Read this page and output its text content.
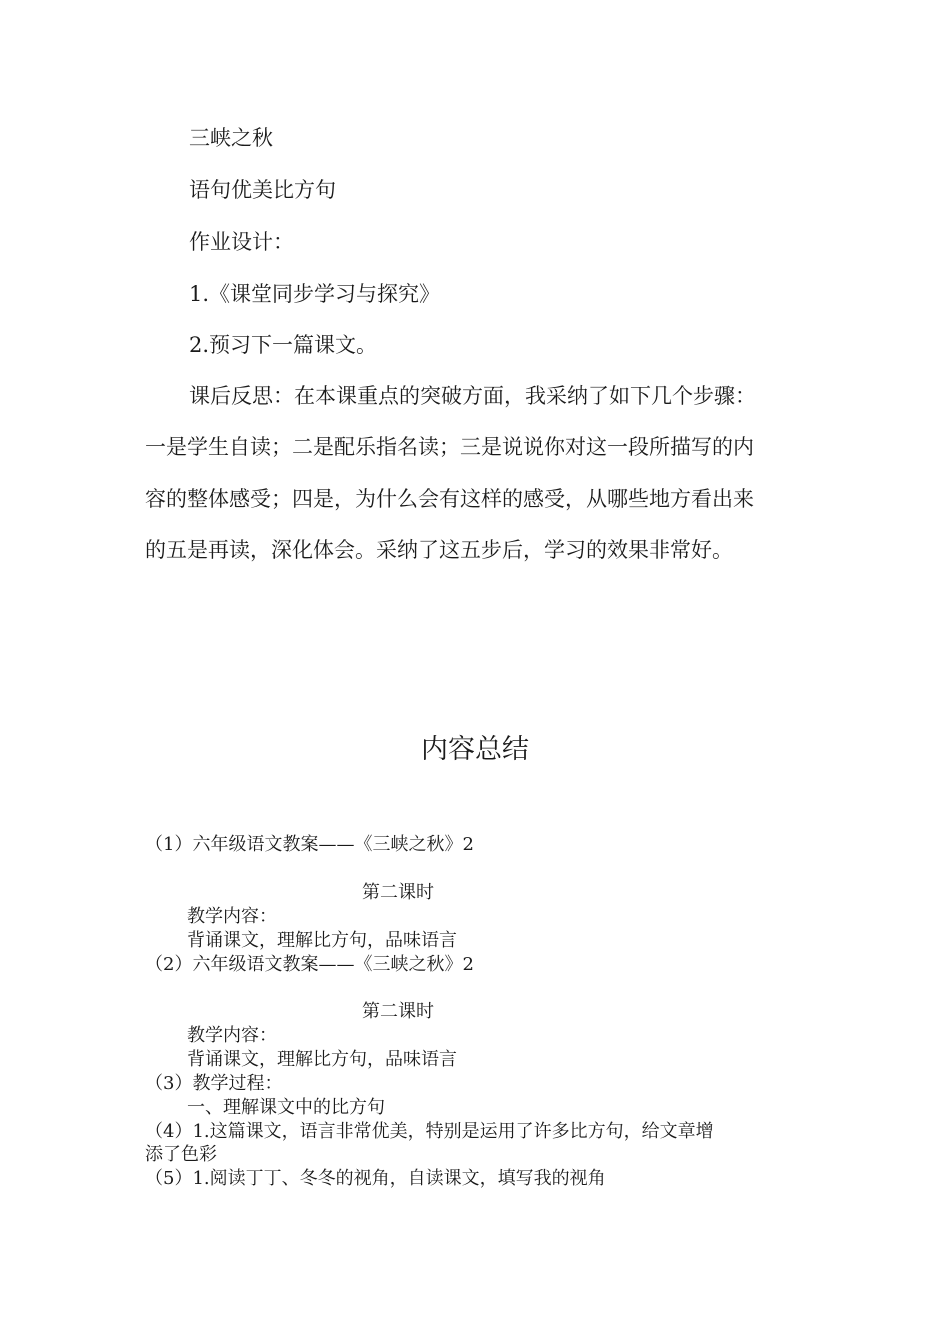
三峡之秋
语句优美比方句
作业设计：
1.《课堂同步学习与探究》
2.预习下一篇课文。
课后反思：在本课重点的突破方面，我采纳了如下几个步骤：
一是学生自读；二是配乐指名读；三是说说你对这一段所描写的内
容的整体感受；四是，为什么会有这样的感受，从哪些地方看出来
的五是再读，深化体会。采纳了这五步后，学习的效果非常好。
内容总结
（1）六年级语文教案——《三峡之秋》2
第二课时
教学内容：
背诵课文，理解比方句，品味语言
（2）六年级语文教案——《三峡之秋》2
第二课时
教学内容：
背诵课文，理解比方句，品味语言
（3）教学过程：
一、理解课文中的比方句
（4）1.这篇课文，语言非常优美，特别是运用了许多比方句，给文章增
添了色彩
（5）1.阅读丁丁、冬冬的视角，自读课文，填写我的视角
